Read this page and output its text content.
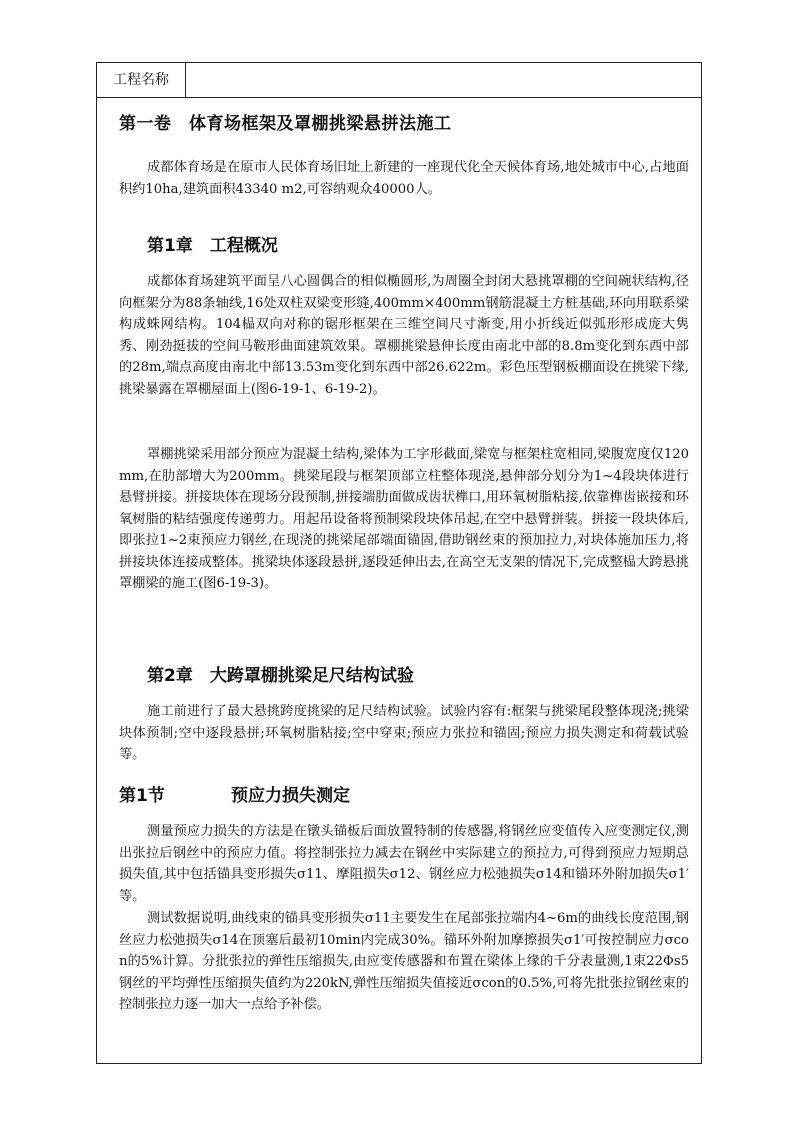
工程名称
第一卷　体育场框架及罩棚挑梁悬拼法施工
成都体育场是在原市人民体育场旧址上新建的一座现代化全天候体育场,地处城市中心,占地面积约10ha,建筑面积43340 m2,可容纳观众40000人。
第1章　工程概况
成都体育场建筑平面呈八心圆偶合的相似椭圆形,为周圈全封闭大悬挑罩棚的空间碗状结构,径向框架分为88条轴线,16处双柱双梁变形缝,400mm×400mm钢筋混凝土方桩基础,环向用联系梁构成蛛网结构。104榀双向对称的锯形框架在三维空间尺寸渐变,用小折线近似弧形形成庞大隽秀、刚劲挺拔的空间马鞍形曲面建筑效果。罩棚挑梁悬伸长度由南北中部的8.8m变化到东西中部的28m,端点高度由南北中部13.53m变化到东西中部26.622m。彩色压型钢板棚面设在挑梁下缘,挑梁暴露在罩棚屋面上(图6-19-1、6-19-2)。
罩棚挑梁采用部分预应为混凝土结构,梁体为工字形截面,梁宽与框架柱宽相同,梁腹宽度仅120mm,在肋部增大为200mm。挑梁尾段与框架顶部立柱整体现浇,悬伸部分划分为1~4段块体进行悬臂拼接。拼接块体在现场分段预制,拼接端肋面做成齿状榫口,用环氧树脂粘接,依靠榫齿嵌接和环氧树脂的粘结强度传递剪力。用起吊设备将预制梁段块体吊起,在空中悬臂拼装。拼接一段块体后,即张拉1~2束预应力钢丝,在现浇的挑梁尾部端面锚固,借助钢丝束的预加拉力,对块体施加压力,将拼接块体连接成整体。挑梁块体逐段悬拼,逐段延伸出去,在高空无支架的情况下,完成整榀大跨悬挑罩棚梁的施工(图6-19-3)。
第2章　大跨罩棚挑梁足尺结构试验
施工前进行了最大悬挑跨度挑梁的足尺结构试验。试验内容有:框架与挑梁尾段整体现浇;挑梁块体预制;空中逐段悬拼;环氧树脂粘接;空中穿束;预应力张拉和锚固;预应力损失测定和荷载试验等。
第1节	预应力损失测定
测量预应力损失的方法是在镦头锚板后面放置特制的传感器,将钢丝应变值传入应变测定仪,测出张拉后钢丝中的预应力值。将控制张拉力减去在钢丝中实际建立的预拉力,可得到预应力短期总损失值,其中包括锚具变形损失σ11、摩阻损失σ12、钢丝应力松弛损失σ14和锚环外附加损失σ1′等。
测试数据说明,曲线束的锚具变形损失σ11主要发生在尾部张拉端内4~6m的曲线长度范围,钢丝应力松弛损失σ14在顶塞后最初10min内完成30%。锚环外附加摩擦损失σ1′可按控制应力σcon的5%计算。分批张拉的弹性压缩损失,由应变传感器和布置在梁体上缘的千分表量测,1束22Φs5钢丝的平均弹性压缩损失值约为220kN,弹性压缩损失值接近σcon的0.5%,可将先批张拉钢丝束的控制张拉力逐一加大一点给予补偿。
